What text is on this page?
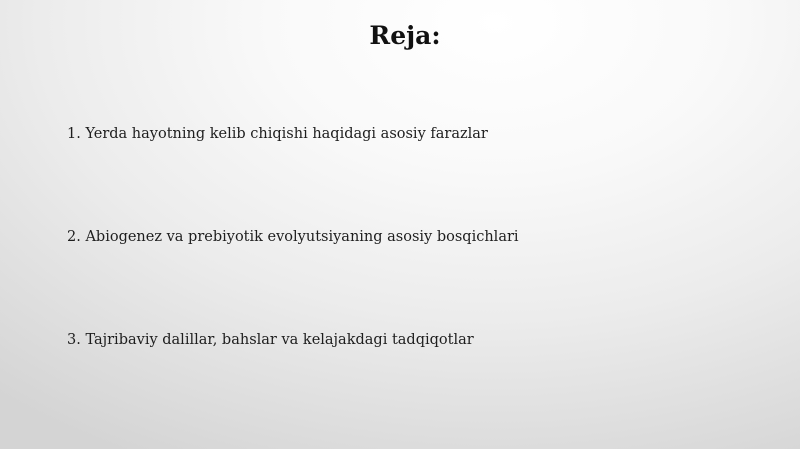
Reja:
1. Yerda hayotning kelib chiqishi haqidagi asosiy farazlar
2. Abiogenez va prebiyotik evolyutsiyaning asosiy bosqichlari
3. Tajribaviy dalillar, bahslar va kelajakdagi tadqiqotlar
